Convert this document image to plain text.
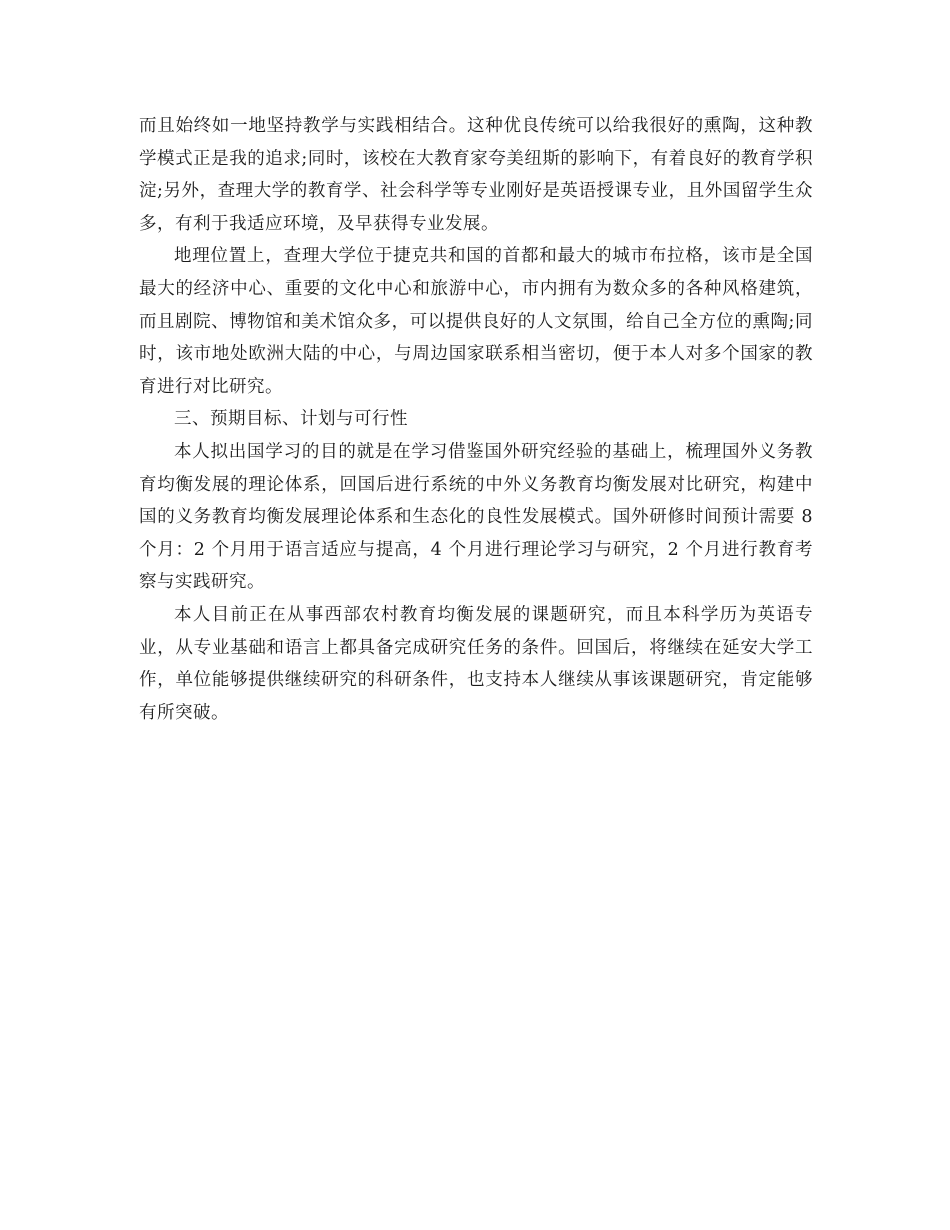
而且始终如一地坚持教学与实践相结合。这种优良传统可以给我很好的熏陶，这种教学模式正是我的追求;同时，该校在大教育家夸美纽斯的影响下，有着良好的教育学积淀;另外，查理大学的教育学、社会科学等专业刚好是英语授课专业，且外国留学生众多，有利于我适应环境，及早获得专业发展。

地理位置上，查理大学位于捷克共和国的首都和最大的城市布拉格，该市是全国最大的经济中心、重要的文化中心和旅游中心，市内拥有为数众多的各种风格建筑，而且剧院、博物馆和美术馆众多，可以提供良好的人文氛围，给自己全方位的熏陶;同时，该市地处欧洲大陆的中心，与周边国家联系相当密切，便于本人对多个国家的教育进行对比研究。

三、预期目标、计划与可行性

本人拟出国学习的目的就是在学习借鉴国外研究经验的基础上，梳理国外义务教育均衡发展的理论体系，回国后进行系统的中外义务教育均衡发展对比研究，构建中国的义务教育均衡发展理论体系和生态化的良性发展模式。国外研修时间预计需要 8 个月：2 个月用于语言适应与提高，4 个月进行理论学习与研究，2 个月进行教育考察与实践研究。

本人目前正在从事西部农村教育均衡发展的课题研究，而且本科学历为英语专业，从专业基础和语言上都具备完成研究任务的条件。回国后，将继续在延安大学工作，单位能够提供继续研究的科研条件，也支持本人继续从事该课题研究，肯定能够有所突破。
